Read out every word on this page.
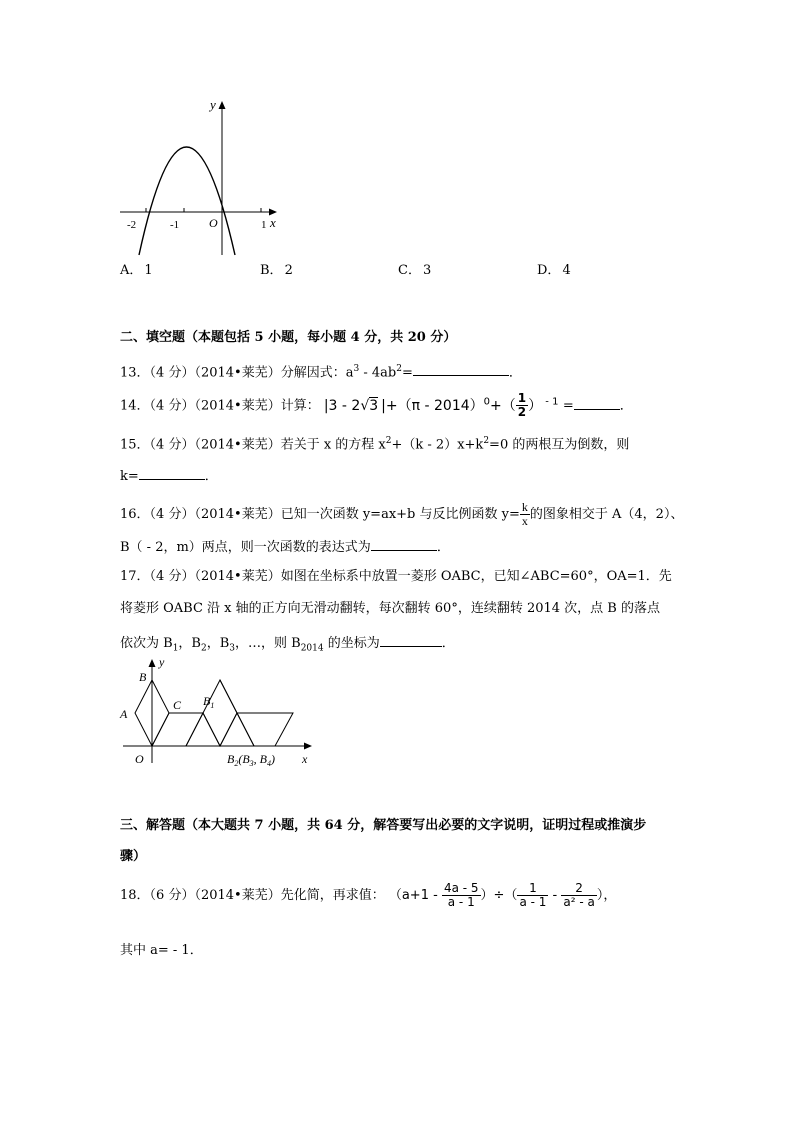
y
x
O
-2	-1	1
A． 1	B． 2	C． 3	D． 4
二、填空题（本题包括 5 小题，每小题 4 分，共 20 分）
13．（4 分）（2014•莱芜）分解因式：$a^3 - 4ab^2=$	．
14．（4 分）（2014•莱芜）计算： |3 - 2√3 $|+(\pi - 2014)^0+( \frac{1}{2}$ ） $^{- 1}$ =	．
15．（4 分）（2014•莱芜）若关于 x 的方程 $x^2+(k - 2)x+k^2=0$ 的两根互为倒数，则
k=	．
16．（4 分）（2014•莱芜）已知一次函数 y=ax+b 与反比例函数 $y= \frac{k}{x}$ 的图象相交于 A（4，2）、
B（ - 2，m）两点，则一次函数的表达式为	．
17．（4 分）（2014•莱芜）如图在坐标系中放置一菱形 OABC，已知∠ABC=60°，OA=1．先
将菱形 OABC 沿 x 轴的正方向无滑动翻转，每次翻转 60°，连续翻转 2014 次，点 B 的落点
依次为 $B_1$，$B_2$，$B_3$，…，则 $B_{2014}$ 的坐标为	．
y
x
O
A
B
C $B_1$
$B_2(B_3$, $B_4$)
三、解答题（本大题共 7 小题，共 64 分，解答要写出必要的文字说明，证明过程或推演步
骤）
18．（6 分）（2014•莱芜）先化简，再求值： （$a+1 - \frac{4a - 5}{a - 1}$ ）÷（ $\frac{1}{a - 1} - \frac{2}{\text{a² - a}}$ ），
其中 a= - 1．
